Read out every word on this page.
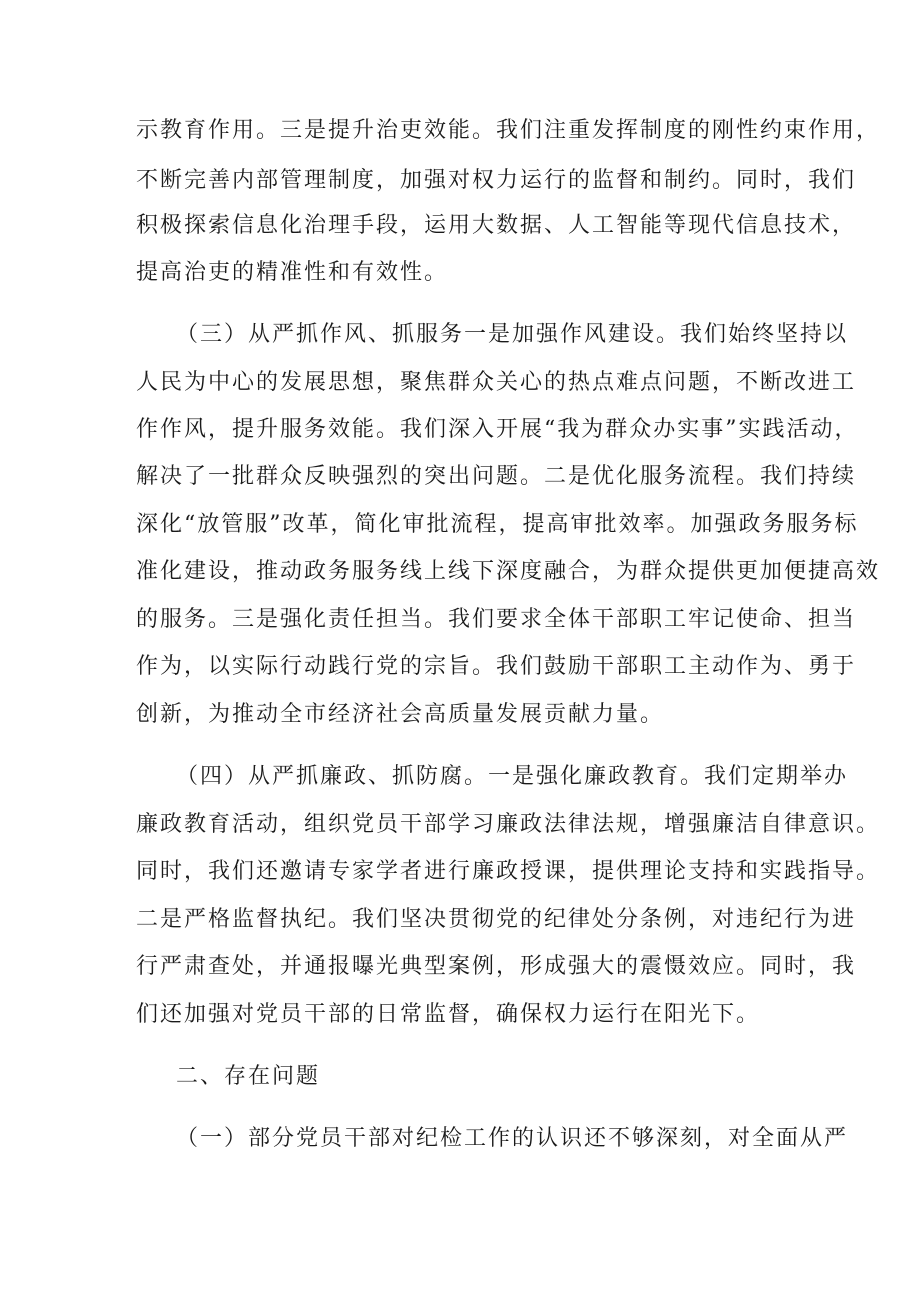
示教育作用。三是提升治吏效能。我们注重发挥制度的刚性约束作用，
不断完善内部管理制度，加强对权力运行的监督和制约。同时，我们
积极探索信息化治理手段，运用大数据、人工智能等现代信息技术，
提高治吏的精准性和有效性。
（三）从严抓作风、抓服务一是加强作风建设。我们始终坚持以
人民为中心的发展思想，聚焦群众关心的热点难点问题，不断改进工
作作风，提升服务效能。我们深入开展“我为群众办实事”实践活动，
解决了一批群众反映强烈的突出问题。二是优化服务流程。我们持续
深化“放管服”改革，简化审批流程，提高审批效率。加强政务服务标
准化建设，推动政务服务线上线下深度融合，为群众提供更加便捷高效
的服务。三是强化责任担当。我们要求全体干部职工牢记使命、担当
作为，以实际行动践行党的宗旨。我们鼓励干部职工主动作为、勇于
创新，为推动全市经济社会高质量发展贡献力量。
（四）从严抓廉政、抓防腐。一是强化廉政教育。我们定期举办
廉政教育活动，组织党员干部学习廉政法律法规，增强廉洁自律意识。
同时，我们还邀请专家学者进行廉政授课，提供理论支持和实践指导。
二是严格监督执纪。我们坚决贯彻党的纪律处分条例，对违纪行为进
行严肃查处，并通报曝光典型案例，形成强大的震慑效应。同时，我
们还加强对党员干部的日常监督，确保权力运行在阳光下。
二、存在问题
（一）部分党员干部对纪检工作的认识还不够深刻，对全面从严
